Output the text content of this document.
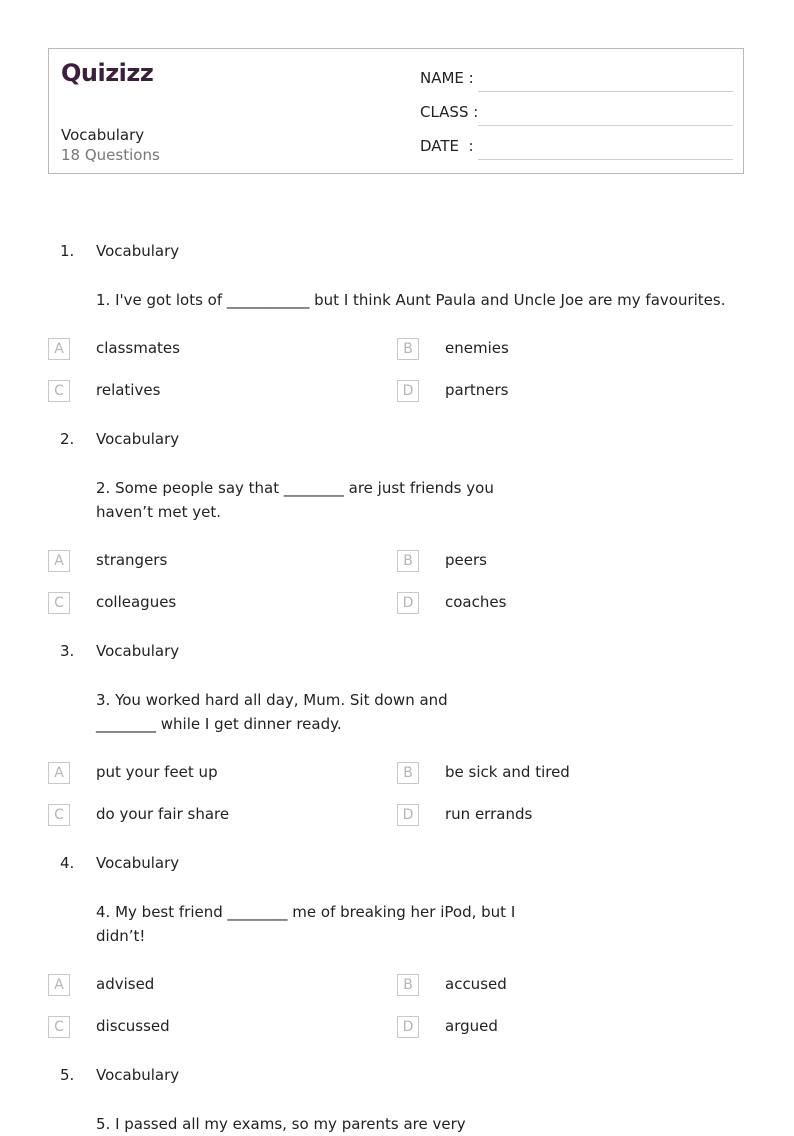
Quizizz
Vocabulary
18 Questions
NAME :
CLASS :
DATE  :
1. Vocabulary
1. I've got lots of ___________ but I think Aunt Paula and Uncle Joe are my favourites.
A	classmates	B	enemies
C	relatives	D	partners
2. Vocabulary
2. Some people say that ________ are just friends you haven’t met yet.
A	strangers	B	peers
C	colleagues	D	coaches
3. Vocabulary
3. You worked hard all day, Mum. Sit down and ________ while I get dinner ready.
A	put your feet up	B	be sick and tired
C	do your fair share	D	run errands
4. Vocabulary
4. My best friend ________ me of breaking her iPod, but I didn’t!
A	advised	B	accused
C	discussed	D	argued
5. Vocabulary
5. I passed all my exams, so my parents are very
